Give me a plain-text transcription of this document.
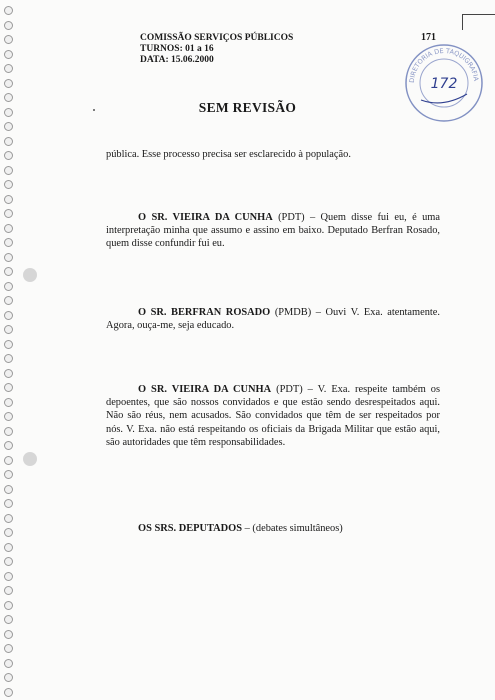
COMISSÃO SERVIÇOS PÚBLICOS
TURNOS: 01 a 16
DATA: 15.06.2000
171
DIRETORIA DE TAQUIGRAFIA
172
SEM REVISÃO
pública. Esse processo precisa ser esclarecido à população.
O SR. VIEIRA DA CUNHA (PDT) – Quem disse fui eu, é uma interpretação minha que assumo e assino em baixo. Deputado Berfran Rosado, quem disse confundir fui eu.
O SR. BERFRAN ROSADO (PMDB) – Ouvi V. Exa. atentamente. Agora, ouça-me, seja educado.
O SR. VIEIRA DA CUNHA (PDT) – V. Exa. respeite também os depoentes, que são nossos convidados e que estão sendo desrespeitados aqui. Não são réus, nem acusados. São convidados que têm de ser respeitados por nós. V. Exa. não está respeitando os oficiais da Brigada Militar que estão aqui, são autoridades que têm responsabilidades.
OS SRS. DEPUTADOS – (debates simultâneos)
